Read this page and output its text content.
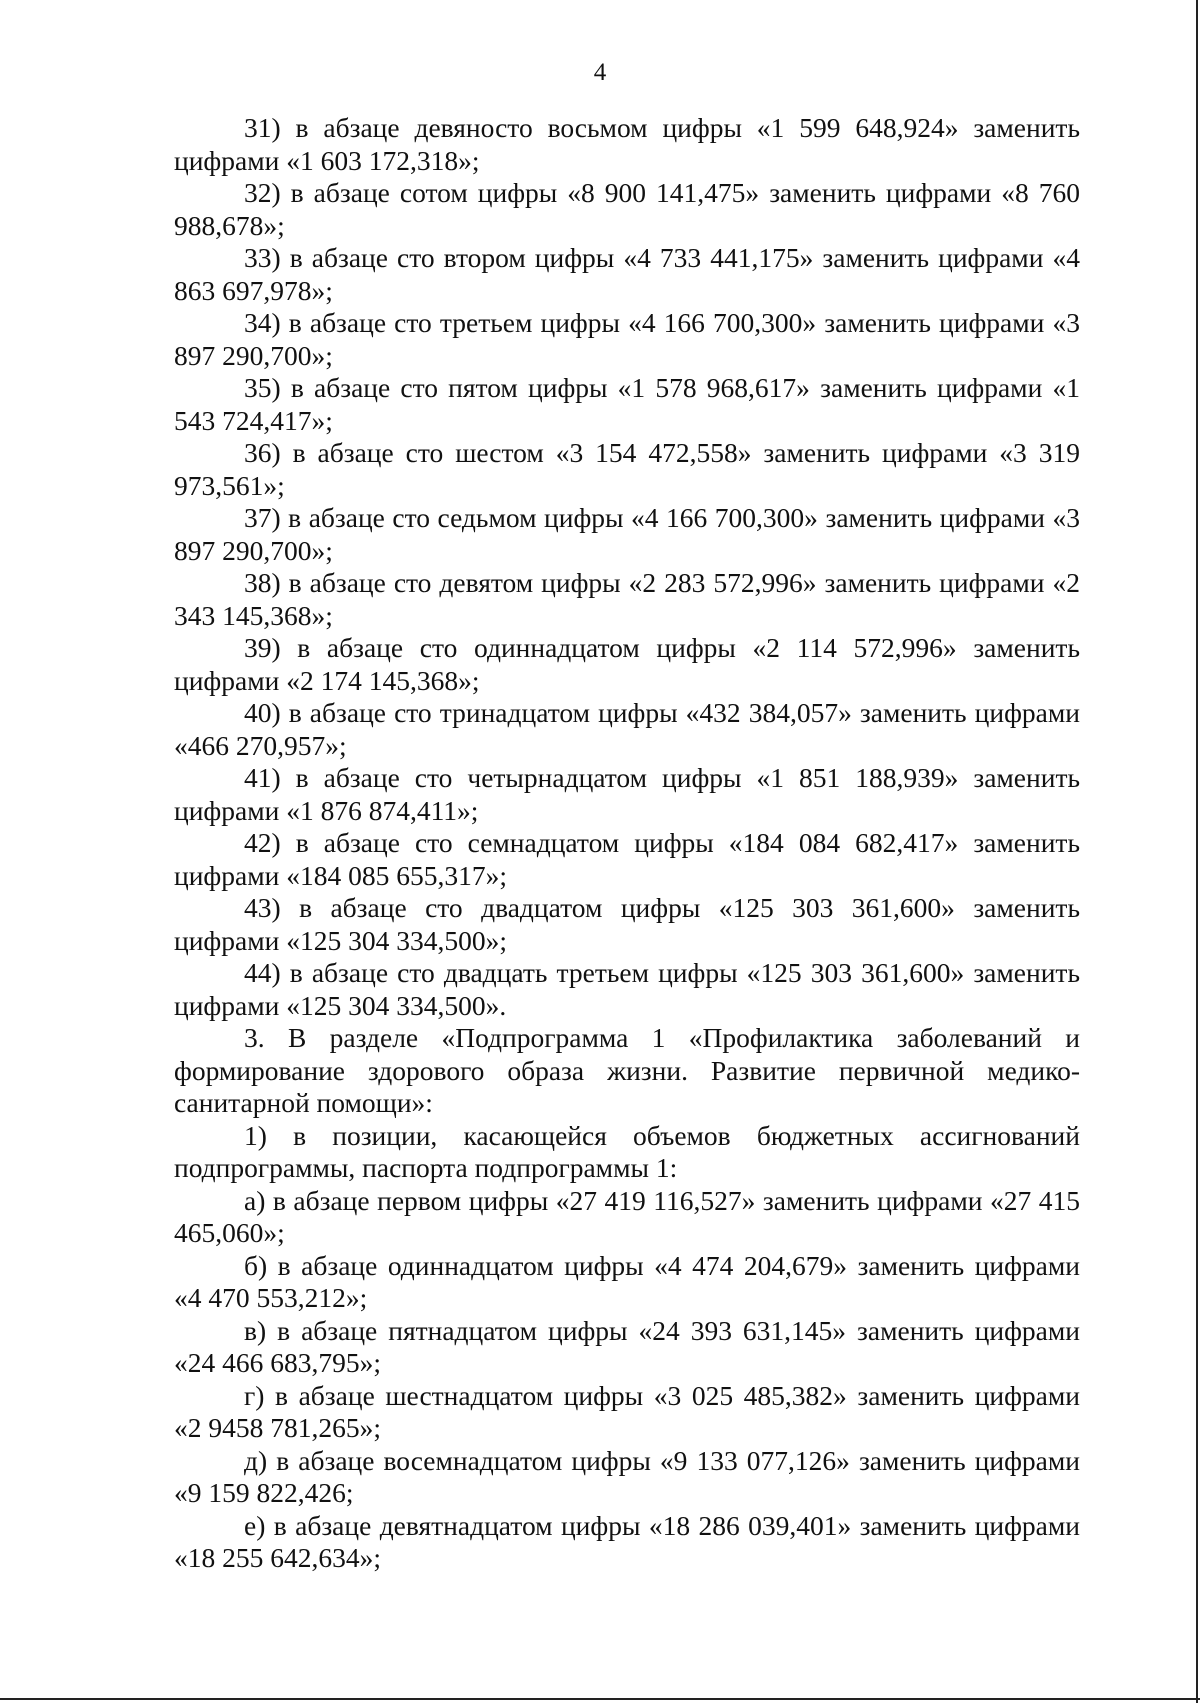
4

31) в абзаце девяносто восьмом цифры «1 599 648,924» заменить цифрами «1 603 172,318»;

32) в абзаце сотом цифры «8 900 141,475» заменить цифрами «8 760 988,678»;

33) в абзаце сто втором цифры «4 733 441,175» заменить цифрами «4 863 697,978»;

34) в абзаце сто третьем цифры «4 166 700,300» заменить цифрами «3 897 290,700»;

35) в абзаце сто пятом цифры «1 578 968,617» заменить цифрами «1 543 724,417»;

36) в абзаце сто шестом «3 154 472,558» заменить цифрами «3 319 973,561»;

37) в абзаце сто седьмом цифры «4 166 700,300» заменить цифрами «3 897 290,700»;

38) в абзаце сто девятом цифры «2 283 572,996» заменить цифрами «2 343 145,368»;

39) в абзаце сто одиннадцатом цифры «2 114 572,996» заменить цифрами «2 174 145,368»;

40) в абзаце сто тринадцатом цифры «432 384,057» заменить цифрами «466 270,957»;

41) в абзаце сто четырнадцатом цифры «1 851 188,939» заменить цифрами «1 876 874,411»;

42) в абзаце сто семнадцатом цифры «184 084 682,417» заменить цифрами «184 085 655,317»;

43) в абзаце сто двадцатом цифры «125 303 361,600» заменить цифрами «125 304 334,500»;

44) в абзаце сто двадцать третьем цифры «125 303 361,600» заменить цифрами «125 304 334,500».

3. В разделе «Подпрограмма 1 «Профилактика заболеваний и формирование здорового образа жизни. Развитие первичной медико-санитарной помощи»:

1) в позиции, касающейся объемов бюджетных ассигнований подпрограммы, паспорта подпрограммы 1:

а) в абзаце первом цифры «27 419 116,527» заменить цифрами «27 415 465,060»;

б) в абзаце одиннадцатом цифры «4 474 204,679» заменить цифрами «4 470 553,212»;

в) в абзаце пятнадцатом цифры «24 393 631,145» заменить цифрами «24 466 683,795»;

г) в абзаце шестнадцатом цифры «3 025 485,382» заменить цифрами «2 9458 781,265»;

д) в абзаце восемнадцатом цифры «9 133 077,126» заменить цифрами «9 159 822,426;

е) в абзаце девятнадцатом цифры «18 286 039,401» заменить цифрами «18 255 642,634»;
